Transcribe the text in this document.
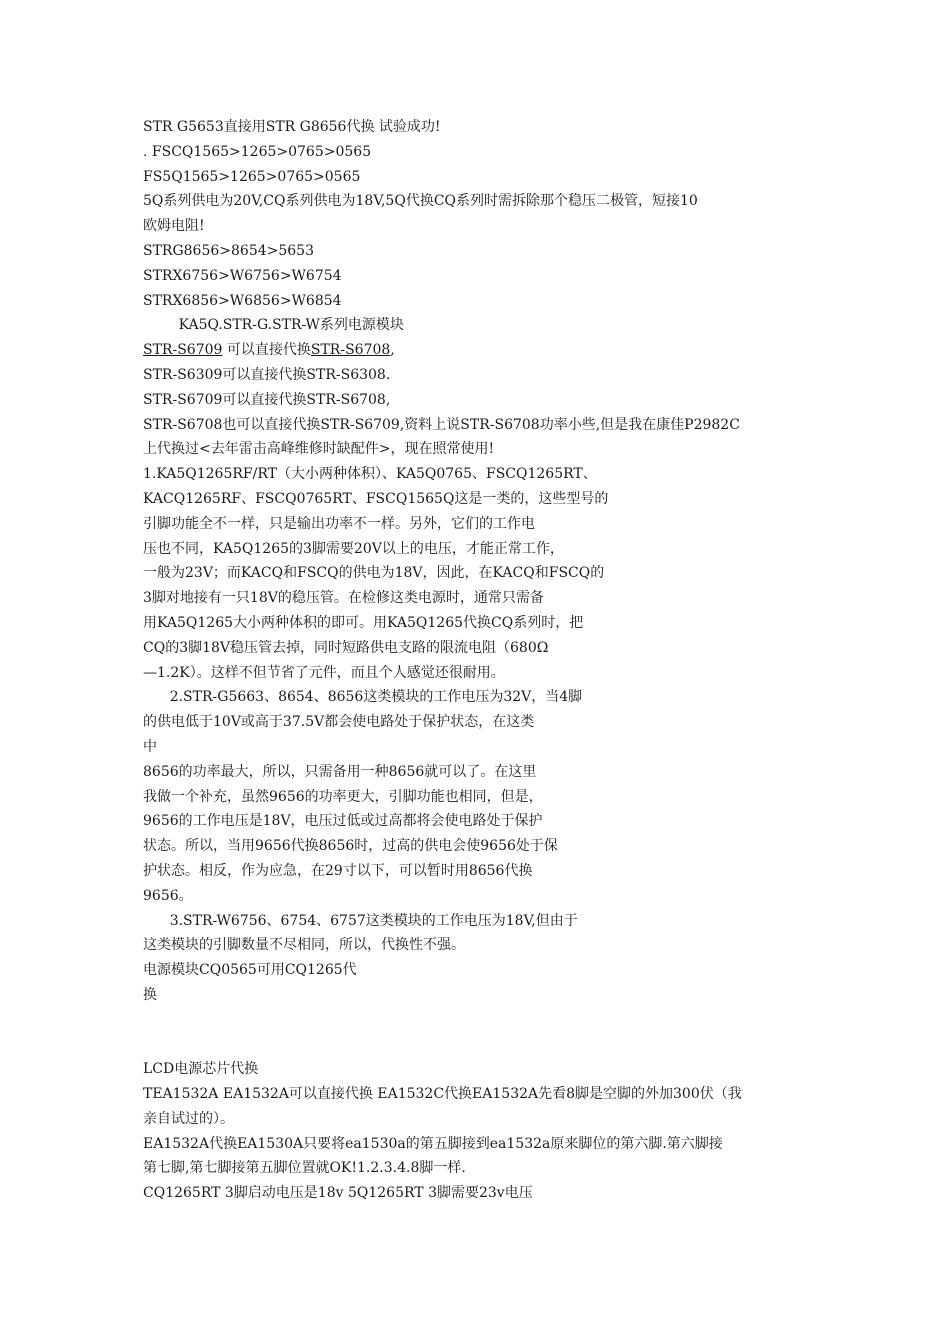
STR G5653直接用STR G8656代换 试验成功!
. FSCQ1565>1265>0765>0565
FS5Q1565>1265>0765>0565
5Q系列供电为20V,CQ系列供电为18V,5Q代换CQ系列时需拆除那个稳压二极管，短接10
欧姆电阻!
STRG8656>8654>5653
STRX6756>W6756>W6754
STRX6856>W6856>W6854
KA5Q.STR-G.STR-W系列电源模块
STR-S6709 可以直接代换STR-S6708,
STR-S6309可以直接代换STR-S6308.
STR-S6709可以直接代换STR-S6708,
STR-S6708也可以直接代换STR-S6709,资料上说STR-S6708功率小些,但是我在康佳P2982C
上代换过<去年雷击高峰维修时缺配件>，现在照常使用!
1.KA5Q1265RF/RT（大小两种体积）、KA5Q0765、FSCQ1265RT、
KACQ1265RF、FSCQ0765RT、FSCQ1565Q这是一类的，这些型号的
引脚功能全不一样，只是输出功率不一样。另外，它们的工作电
压也不同，KA5Q1265的3脚需要20V以上的电压，才能正常工作，
一般为23V；而KACQ和FSCQ的供电为18V，因此，在KACQ和FSCQ的
3脚对地接有一只18V的稳压管。在检修这类电源时，通常只需备
用KA5Q1265大小两种体积的即可。用KA5Q1265代换CQ系列时，把
CQ的3脚18V稳压管去掉，同时短路供电支路的限流电阻（680Ω
—1.2K）。这样不但节省了元件，而且个人感觉还很耐用。
2.STR-G5663、8654、8656这类模块的工作电压为32V，当4脚
的供电低于10V或高于37.5V都会使电路处于保护状态，在这类
中
8656的功率最大，所以，只需备用一种8656就可以了。在这里
我做一个补充，虽然9656的功率更大，引脚功能也相同，但是，
9656的工作电压是18V，电压过低或过高都将会使电路处于保护
状态。所以，当用9656代换8656时，过高的供电会使9656处于保
护状态。相反，作为应急，在29寸以下，可以暂时用8656代换
9656。
3.STR-W6756、6754、6757这类模块的工作电压为18V,但由于
这类模块的引脚数量不尽相同，所以，代换性不强。
电源模块CQ0565可用CQ1265代
换
LCD电源芯片代换
TEA1532A EA1532A可以直接代换 EA1532C代换EA1532A先看8脚是空脚的外加300伏（我
亲自试过的）。
EA1532A代换EA1530A只要将ea1530a的第五脚接到ea1532a原来脚位的第六脚.第六脚接
第七脚,第七脚接第五脚位置就OK!1.2.3.4.8脚一样.
CQ1265RT 3脚启动电压是18v 5Q1265RT 3脚需要23v电压
